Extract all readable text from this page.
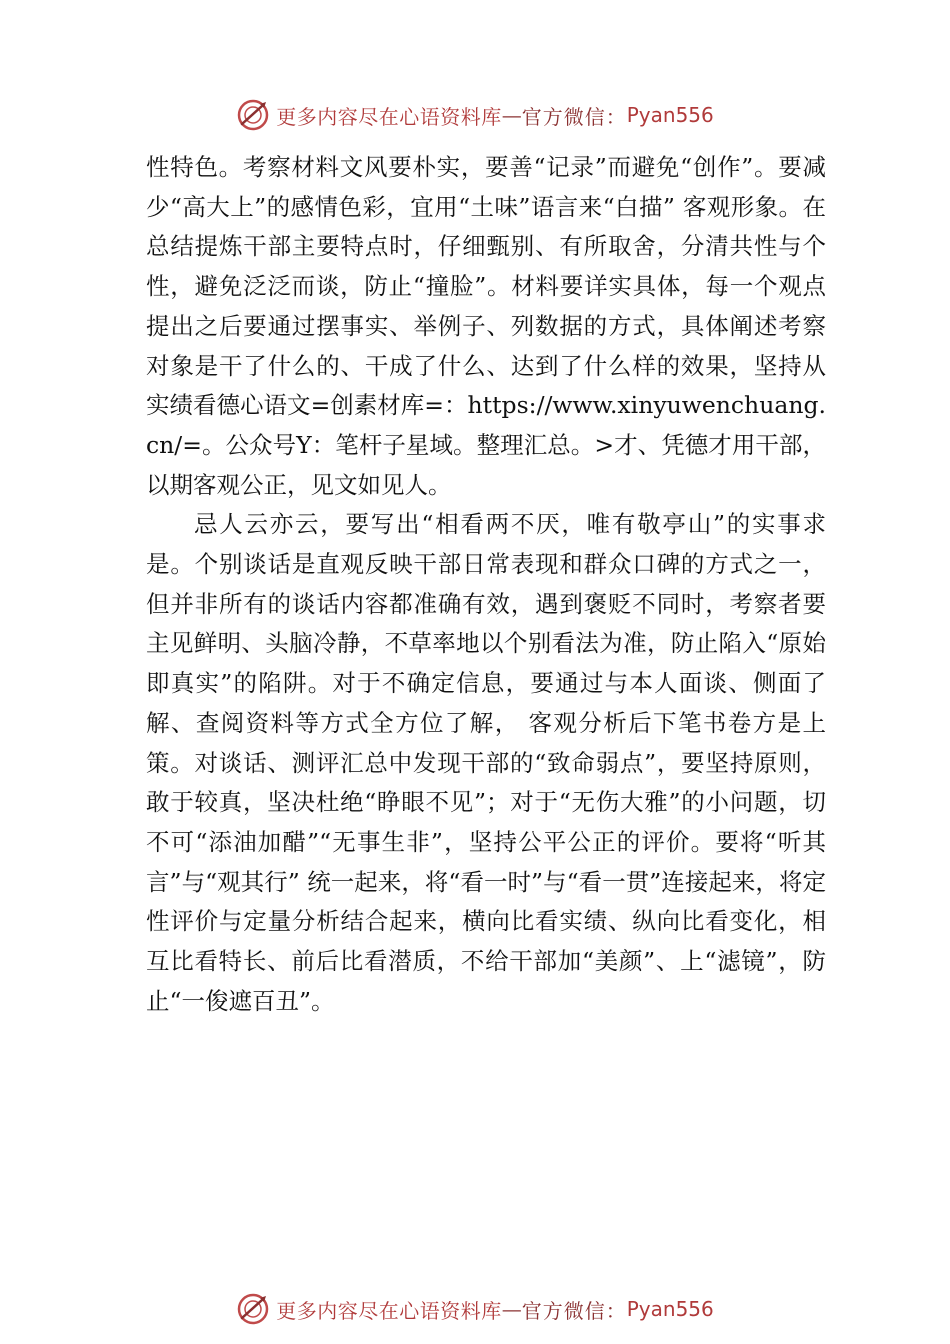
更多内容尽在心语资料库 — 官方微信： Pyan556

性特色。考察材料文风要朴实，要善“记录”而避免“创作”。要减少“高大上”的感情色彩，宜用“土味”语言来“白描” 客观形象。在总结提炼干部主要特点时，仔细甄别、有所取舍，分清共性与个性，避免泛泛而谈，防止“撞脸”。材料要详实具体，每一个观点提出之后要通过摆事实、举例子、列数据的方式，具体阐述考察对象是干了什么的、干成了什么、达到了什么样的效果，坚持从实绩看德心语文=创素材库=：https://www.xinyuwenchuang.cn/=。公众号Y：笔杆子星域。整理汇总。>才、凭德才用干部， 以期客观公正，见文如见人。

忌人云亦云，要写出“相看两不厌，唯有敬亭山”的实事求是。个别谈话是直观反映干部日常表现和群众口碑的方式之一，但并非所有的谈话内容都准确有效，遇到褒贬不同时，考察者要主见鲜明、头脑冷静，不草率地以个别看法为准，防止陷入“原始即真实”的陷阱。对于不确定信息，要通过与本人面谈、侧面了解、查阅资料等方式全方位了解， 客观分析后下笔书卷方是上策。对谈话、测评汇总中发现干部的“致命弱点”，要坚持原则，敢于较真，坚决杜绝“睁眼不见”；对于“无伤大雅”的小问题，切不可“添油加醋”“无事生非”，坚持公平公正的评价。要将“听其言”与“观其行” 统一起来，将“看一时”与“看一贯”连接起来，将定性评价与定量分析结合起来，横向比看实绩、纵向比看变化，相互比看特长、前后比看潜质，不给干部加“美颜”、上“滤镜”，防止“一俊遮百丑”。

更多内容尽在心语资料库 — 官方微信： Pyan556
